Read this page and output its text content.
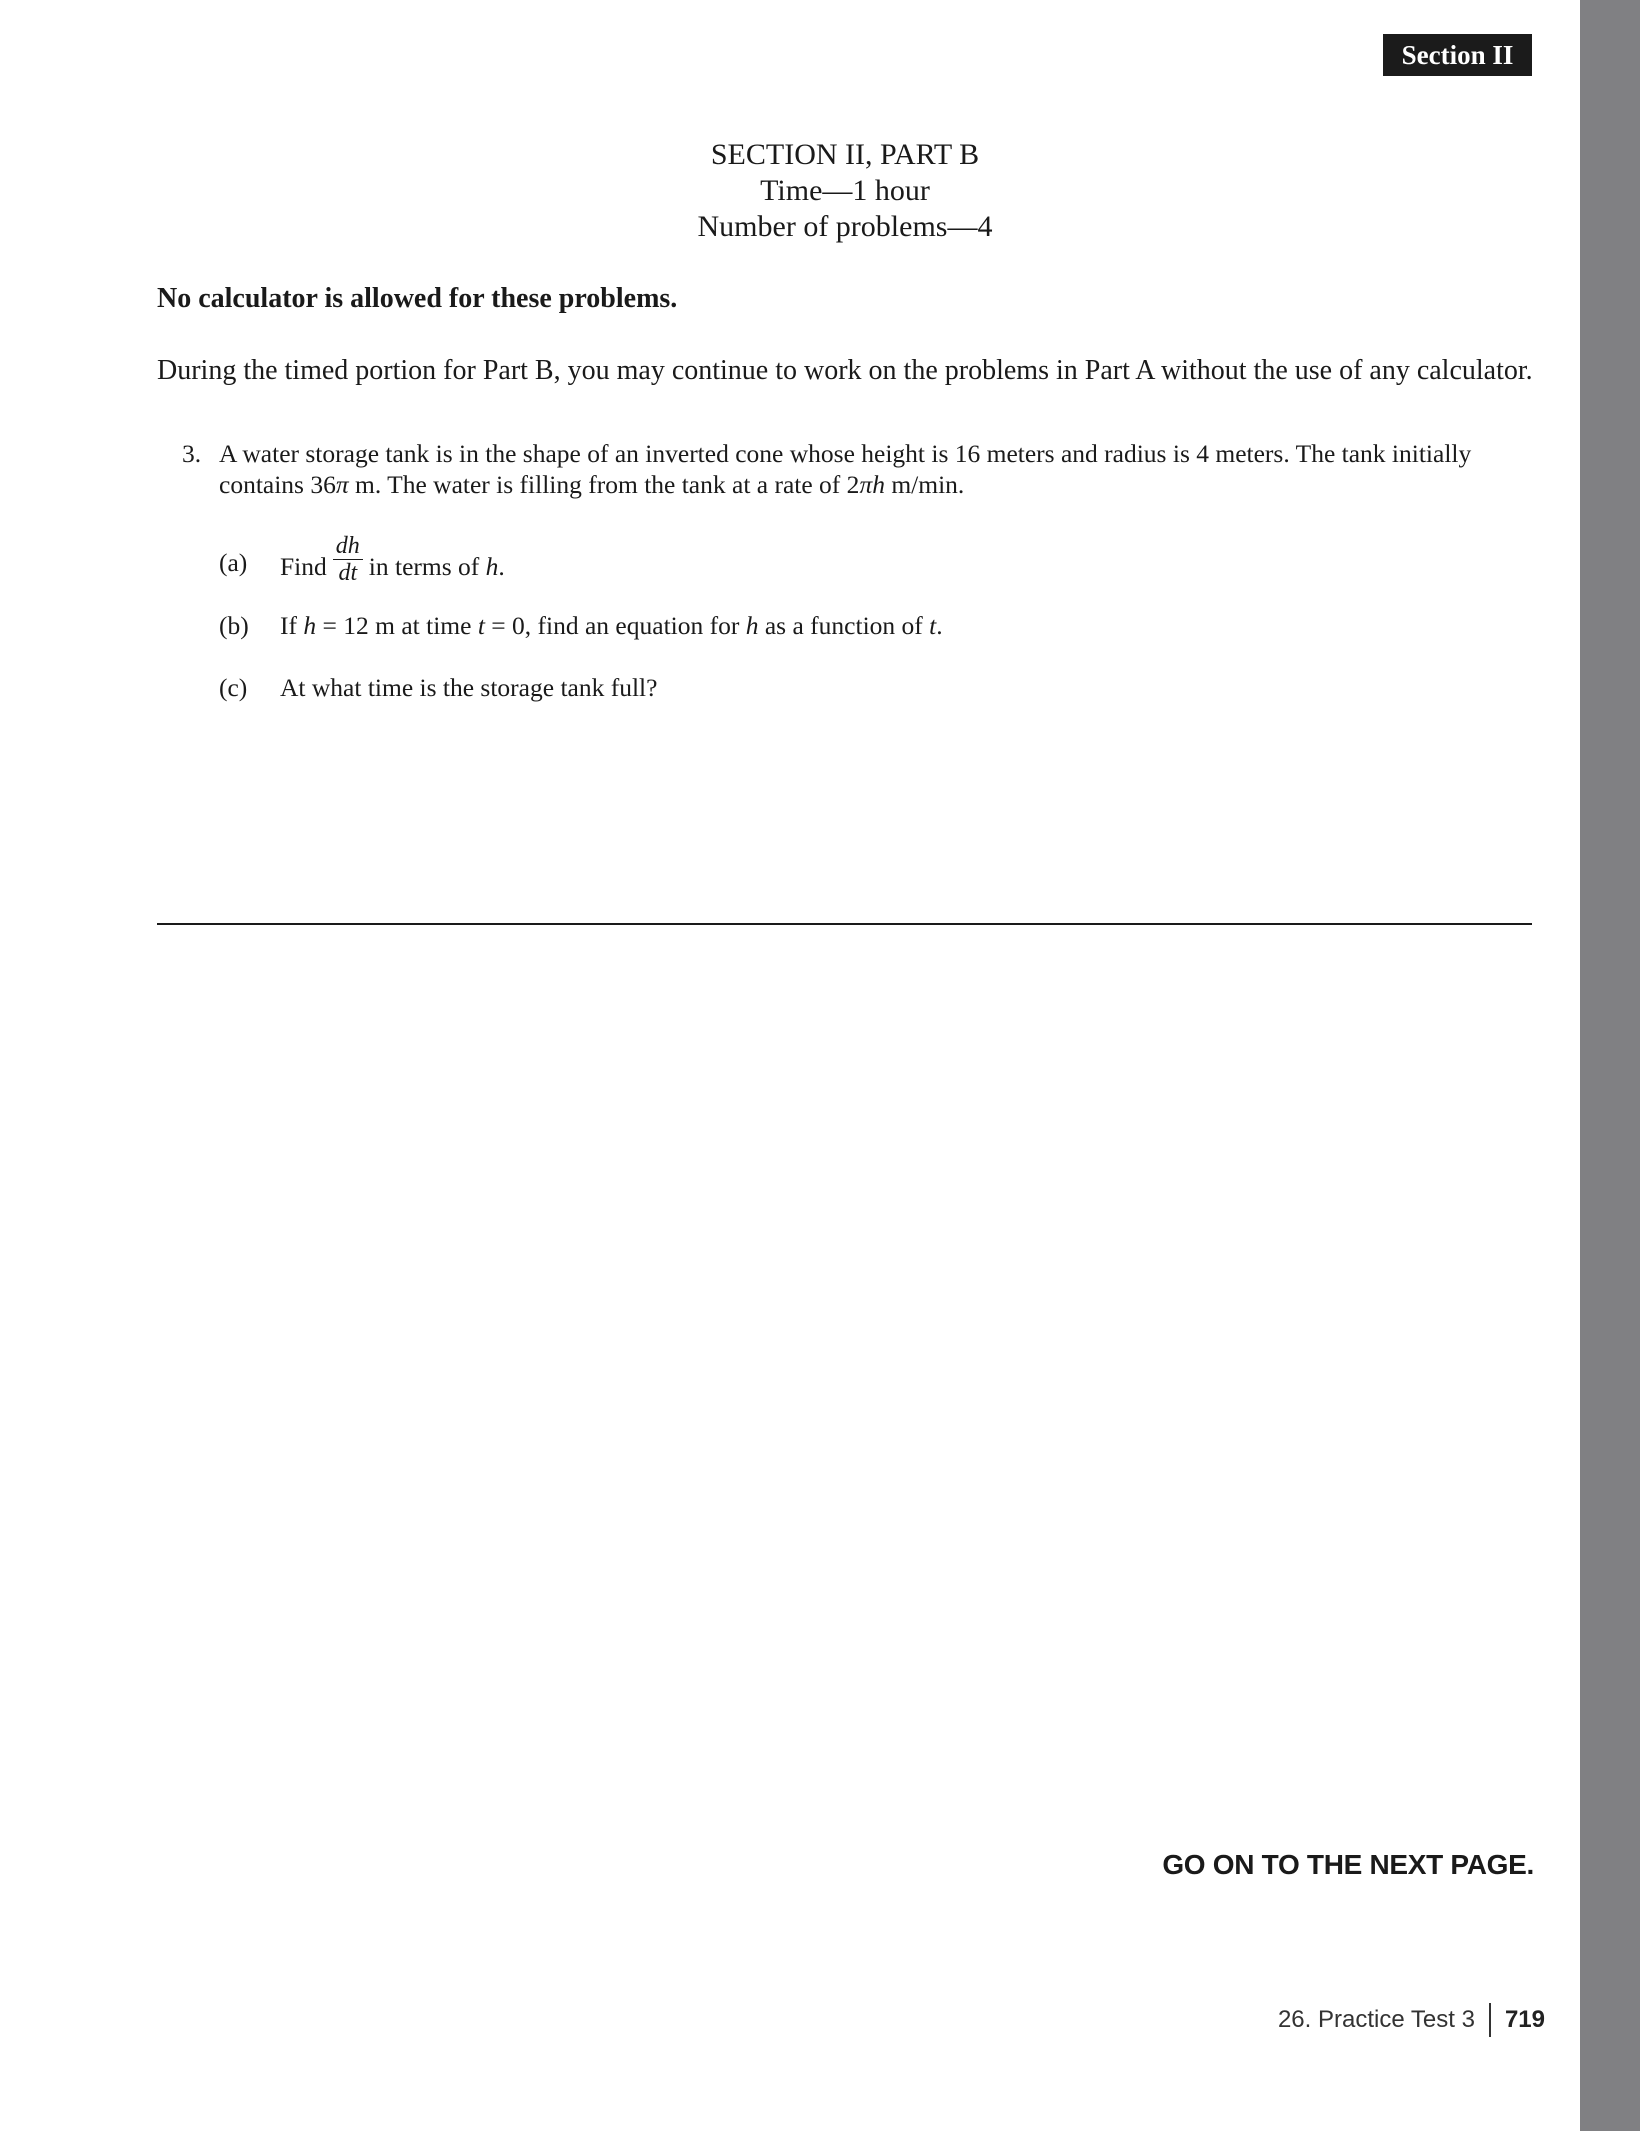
Section II
SECTION II, PART B
Time—1 hour
Number of problems—4
No calculator is allowed for these problems.
During the timed portion for Part B, you may continue to work on the problems in Part A without the use of any calculator.
3. A water storage tank is in the shape of an inverted cone whose height is 16 meters and radius is 4 meters. The tank initially
contains 36π m. The water is filling from the tank at a rate of 2πh m/min.
(a) Find $\frac{dh}{dt}$ in terms of h.
(b) If h = 12 m at time t = 0, find an equation for h as a function of t.
(c) At what time is the storage tank full?
GO ON TO THE NEXT PAGE.
26. Practice Test 3	719
